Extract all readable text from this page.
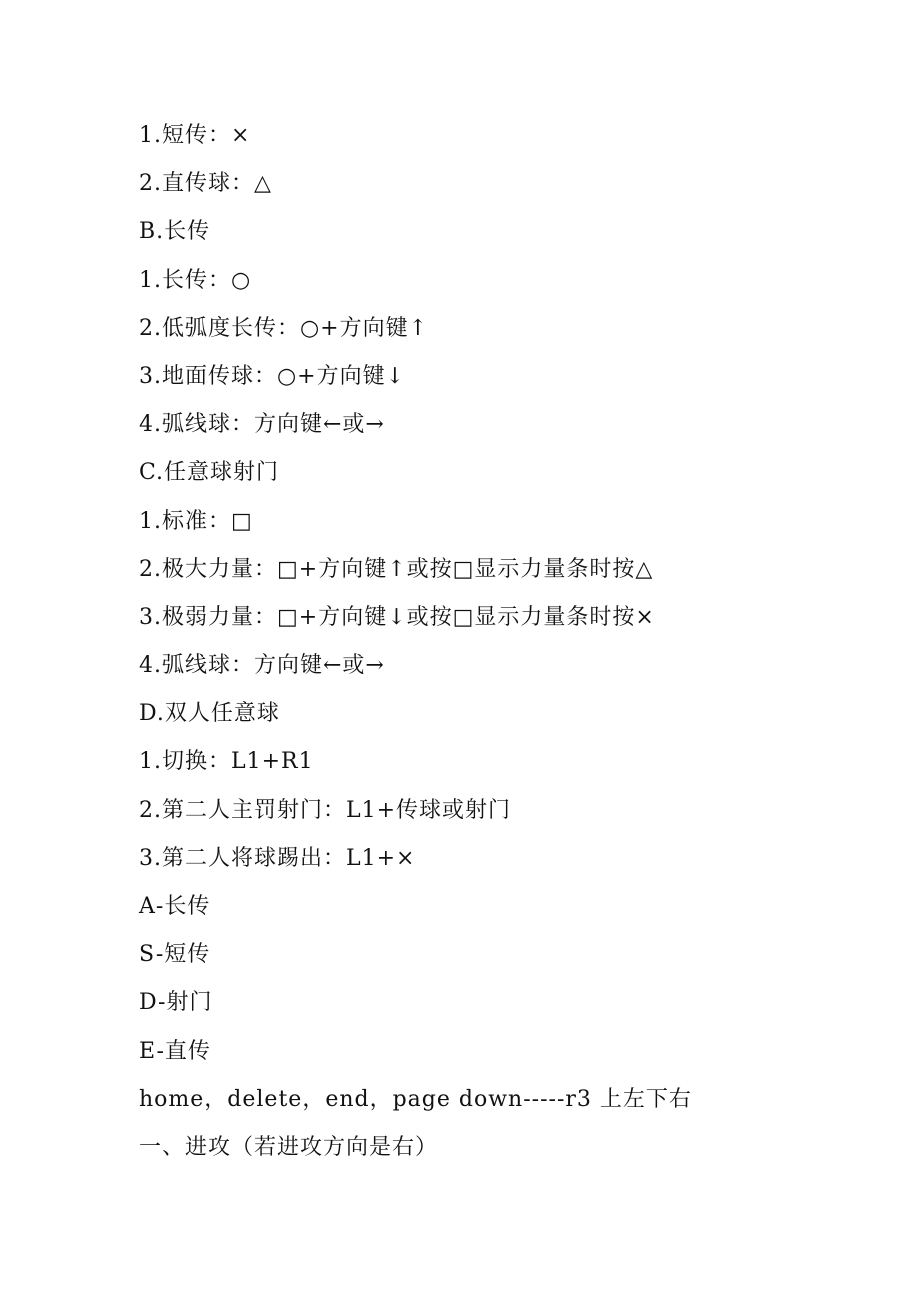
1.短传：×
2.直传球：△
B.长传
1.长传：○
2.低弧度长传：○+方向键↑
3.地面传球：○+方向键↓
4.弧线球：方向键←或→
C.任意球射门
1.标准：□
2.极大力量：□+方向键↑或按□显示力量条时按△
3.极弱力量：□+方向键↓或按□显示力量条时按×
4.弧线球：方向键←或→
D.双人任意球
1.切换：L1+R1
2.第二人主罚射门：L1+传球或射门
3.第二人将球踢出：L1+×
A-长传
S-短传
D-射门
E-直传
home，delete，end，page down-----r3 上左下右
一、进攻（若进攻方向是右）
